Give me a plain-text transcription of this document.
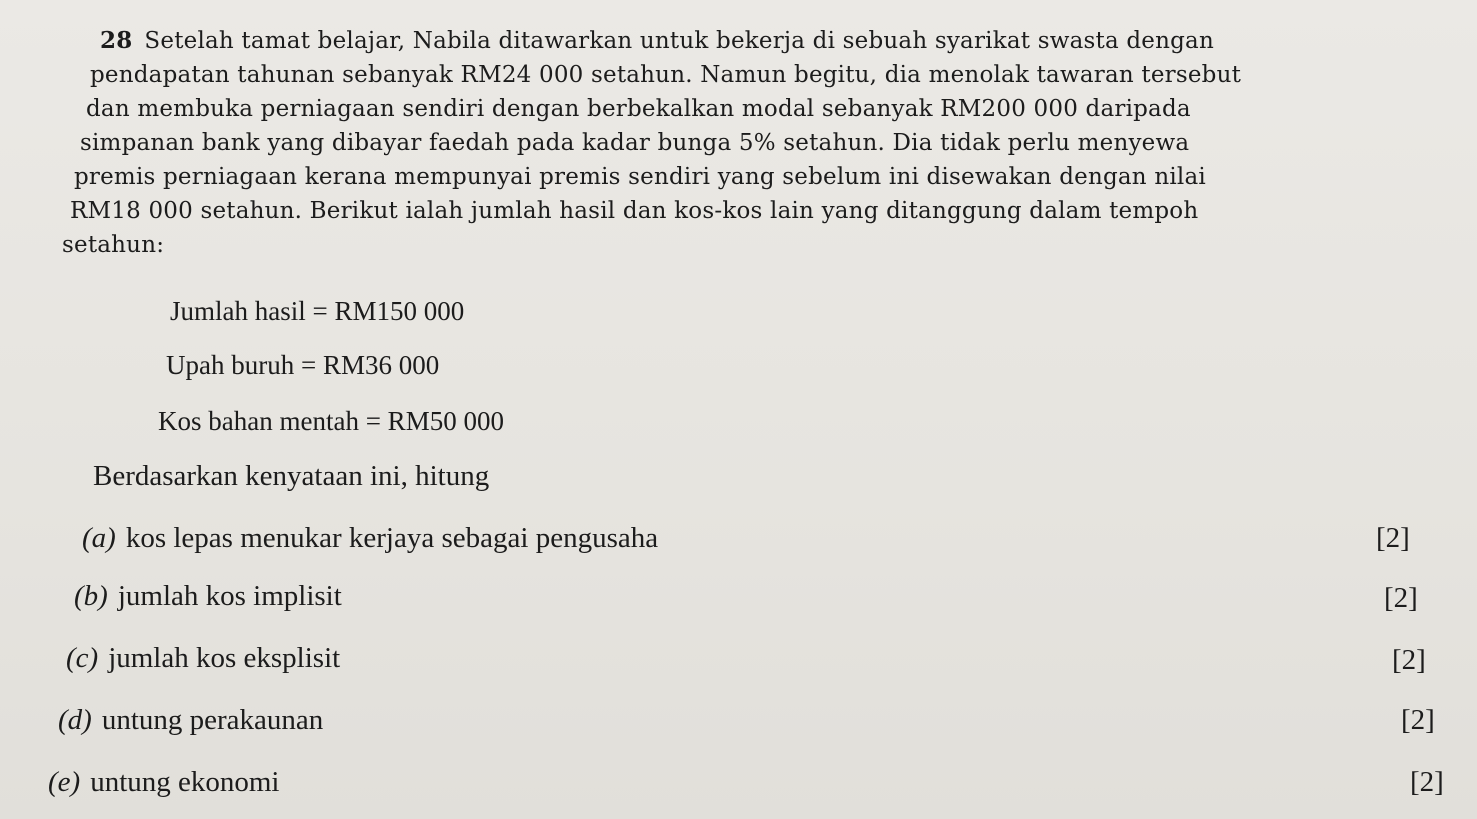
28 Setelah tamat belajar, Nabila ditawarkan untuk bekerja di sebuah syarikat swasta dengan
pendapatan tahunan sebanyak RM24 000 setahun. Namun begitu, dia menolak tawaran tersebut
dan membuka perniagaan sendiri dengan berbekalkan modal sebanyak RM200 000 daripada
simpanan bank yang dibayar faedah pada kadar bunga 5% setahun. Dia tidak perlu menyewa
premis perniagaan kerana mempunyai premis sendiri yang sebelum ini disewakan dengan nilai
RM18 000 setahun. Berikut ialah jumlah hasil dan kos-kos lain yang ditanggung dalam tempoh
setahun:
Jumlah hasil = RM150 000
Upah buruh = RM36 000
Kos bahan mentah = RM50 000
Berdasarkan kenyataan ini, hitung
(a) kos lepas menukar kerjaya sebagai pengusaha	[2]
(b) jumlah kos implisit	[2]
(c) jumlah kos eksplisit	[2]
(d) untung perakaunan	[2]
(e) untung ekonomi	[2]
